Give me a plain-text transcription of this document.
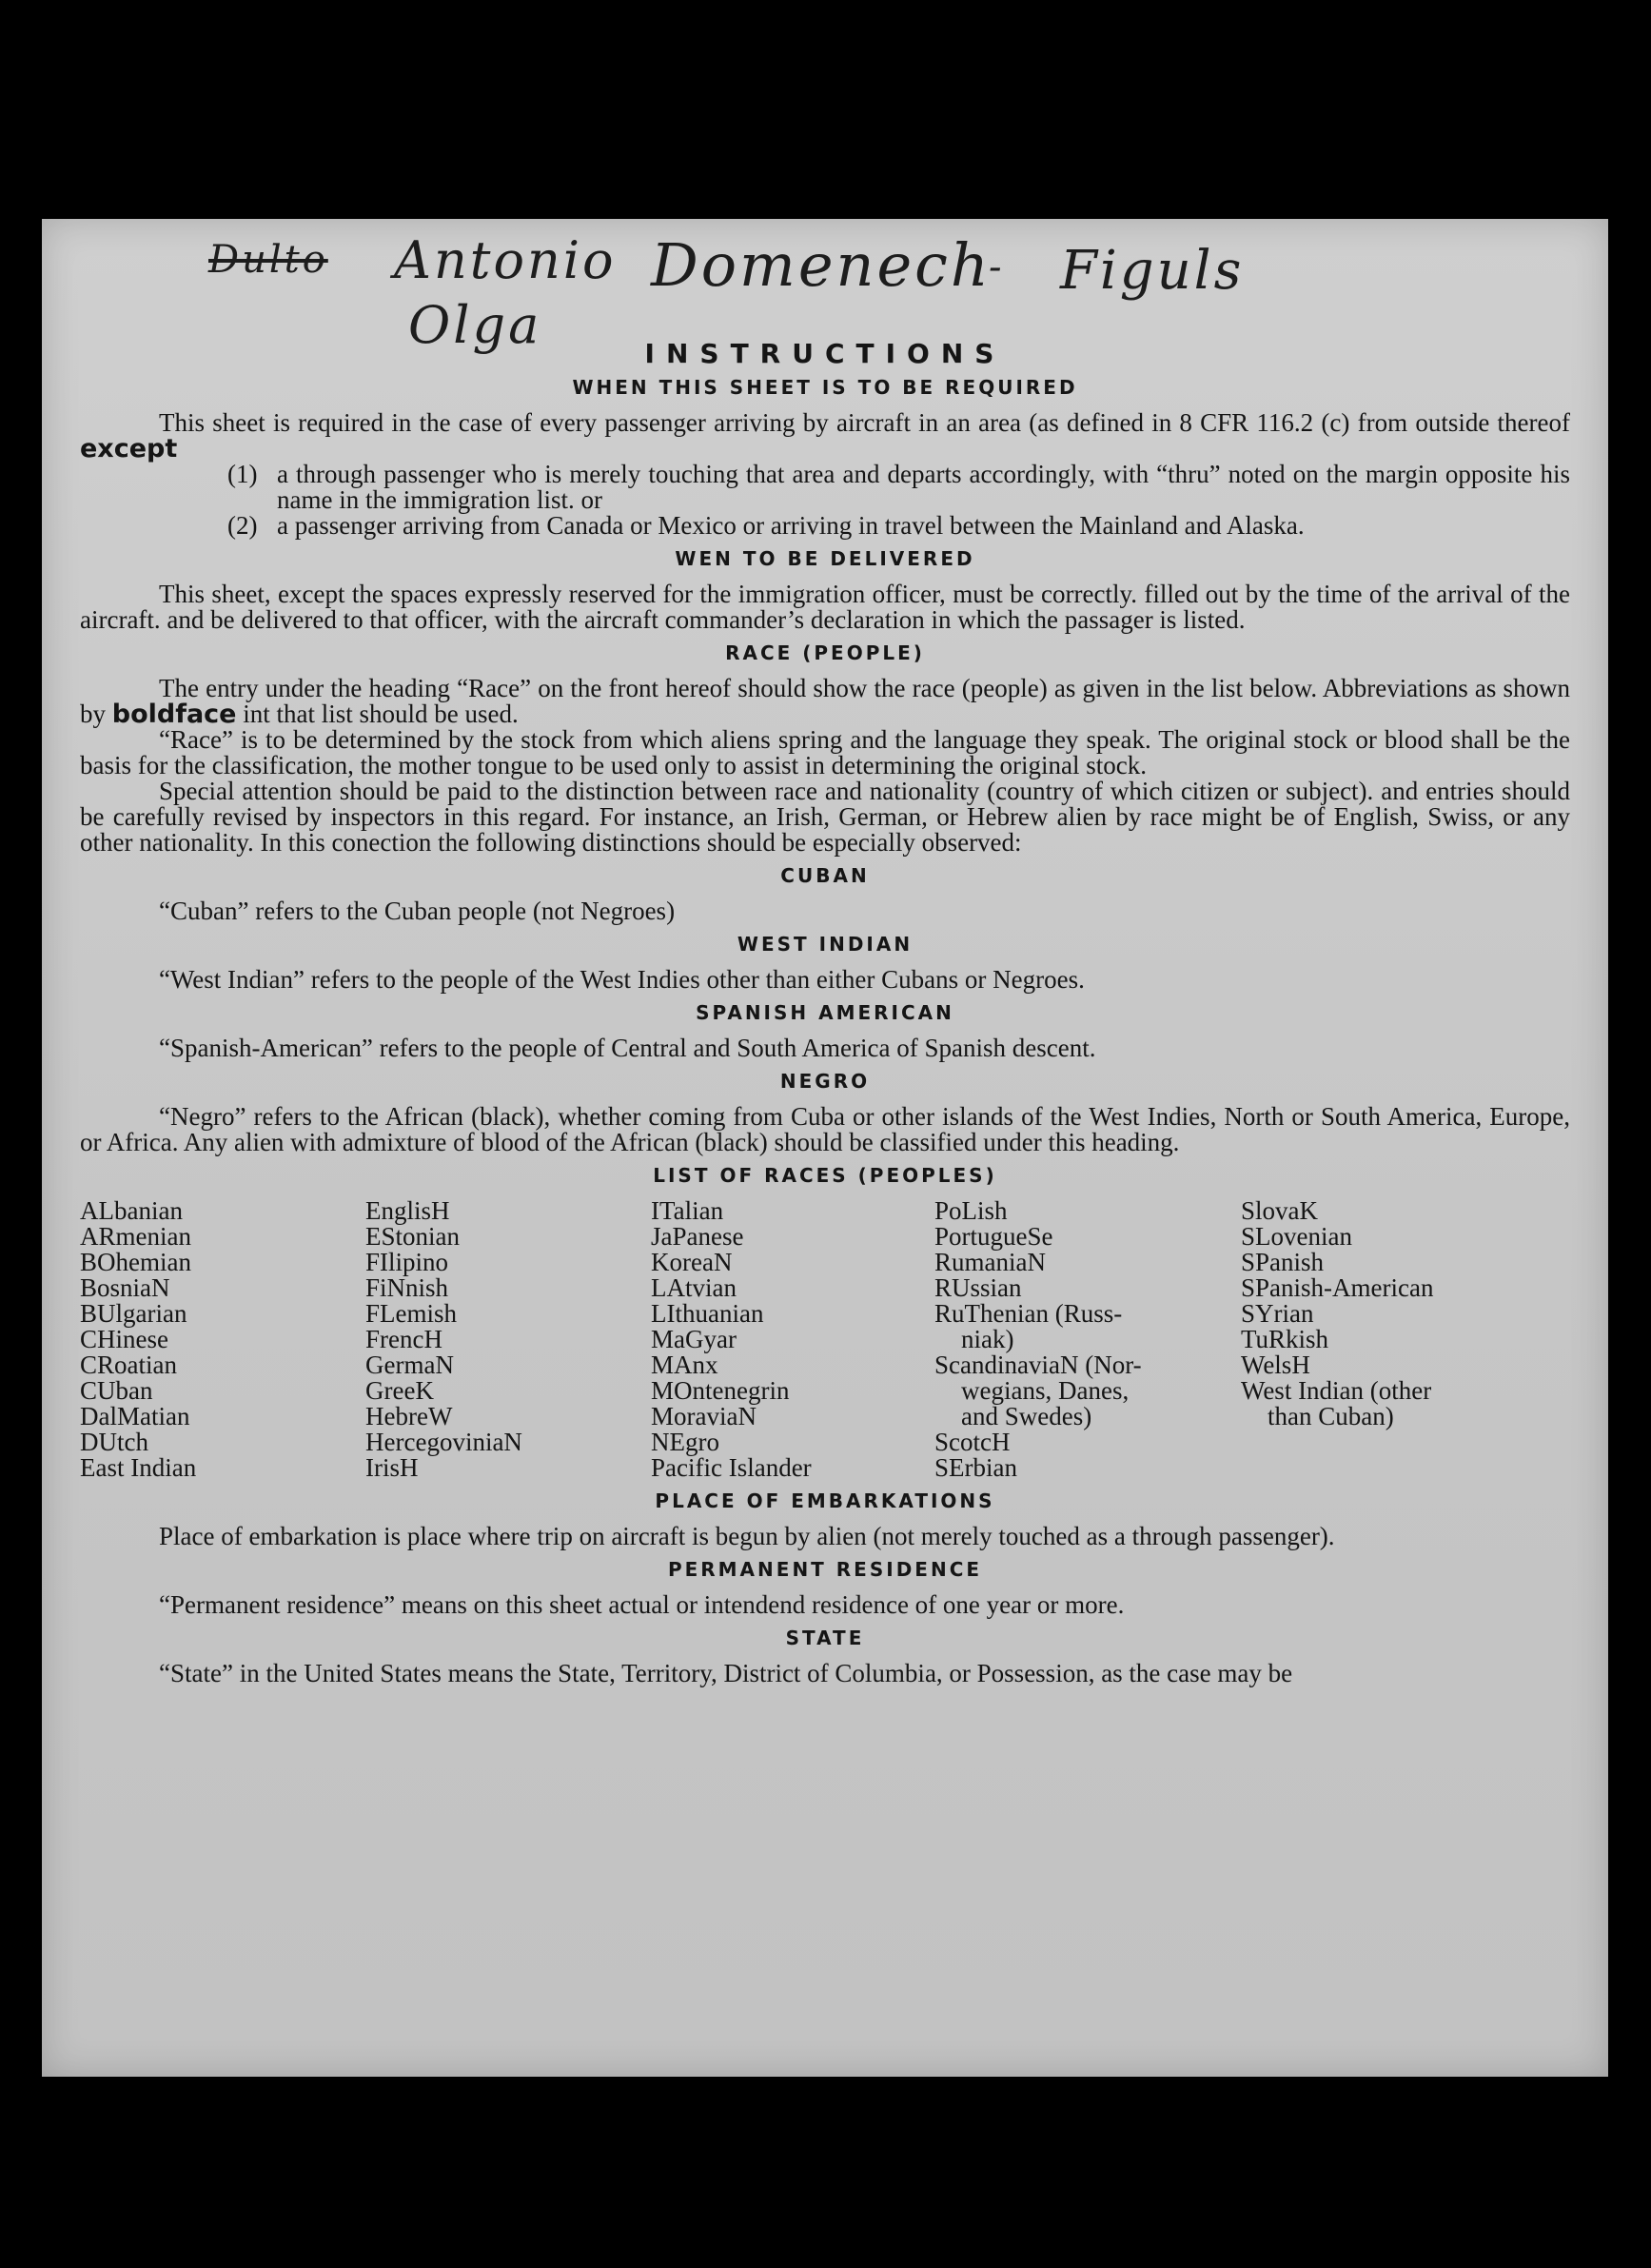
Dulto Antonio Domenech
- Figuls
Olga	INSTRUCTIONS
WHEN THIS SHEET IS TO BE REQUIRED

This sheet is required in the case of every passenger arriving by aircraft in an area (as defined in 8 CFR 116.2 (c) from outside thereof except

(1) a through passenger who is merely touching that area and departs accordingly, with “thru” noted on the margin opposite his name in the immigration list. or
(2) a passenger arriving from Canada or Mexico or arriving in travel between the Mainland and Alaska.
WEN TO BE DELIVERED

This sheet, except the spaces expressly reserved for the immigration officer, must be correctly. filled out by the time of the arrival of the aircraft. and be delivered to that officer, with the aircraft commander’s declaration in which the passager is listed.

RACE (PEOPLE)

The entry under the heading “Race” on the front hereof should show the race (people) as given in the list below. Abbreviations as shown by boldface int that list should be used.

“Race” is to be determined by the stock from which aliens spring and the language they speak. The original stock or blood shall be the basis for the classification, the mother tongue to be used only to assist in determining the original stock.

Special attention should be paid to the distinction between race and nationality (country of which citizen or subject). and entries should be carefully revised by inspectors in this regard. For instance, an Irish, German, or Hebrew alien by race might be of English, Swiss, or any other nationality. In this conection the following distinctions should be especially observed:

CUBAN

“Cuban” refers to the Cuban people (not Negroes)

WEST INDIAN

“West Indian” refers to the people of the West Indies other than either Cubans or Negroes.

SPANISH AMERICAN

“Spanish-American” refers to the people of Central and South America of Spanish descent.

NEGRO

“Negro” refers to the African (black), whether coming from Cuba or other islands of the West Indies, North or South America, Europe, or Africa. Any alien with admixture of blood of the African (black) should be classified under this heading.

LIST OF RACES (PEOPLES)
ALbanian
ARmenian
BOhemian
BosniaN
BUlgarian
CHinese
CRoatian
CUban
DalMatian
DUtch
East Indian
EnglisH
EStonian
FIlipino
FiNnish
FLemish
FrencH
GermaN
GreeK
HebreW
HercegoviniaN
IrisH
ITalian
JaPanese
KoreaN
LAtvian
LIthuanian
MaGyar
MAnx
MOntenegrin
MoraviaN
NEgro
Pacific Islander
PoLish
PortugueSe
RumaniaN
RUssian
RuThenian (Russ-
niak)
ScandinaviaN (Nor-
wegians, Danes,
and Swedes)
ScotcH
SErbian
SlovaK
SLovenian
SPanish
SPanish-American
SYrian
TuRkish
WelsH
West Indian (other
than Cuban)
PLACE OF EMBARKATIONS

Place of embarkation is place where trip on aircraft is begun by alien (not merely touched as a through passenger).

PERMANENT RESIDENCE

“Permanent residence” means on this sheet actual or intendend residence of one year or more.

STATE

“State” in the United States means the State, Territory, District of Columbia, or Possession, as the case may be
